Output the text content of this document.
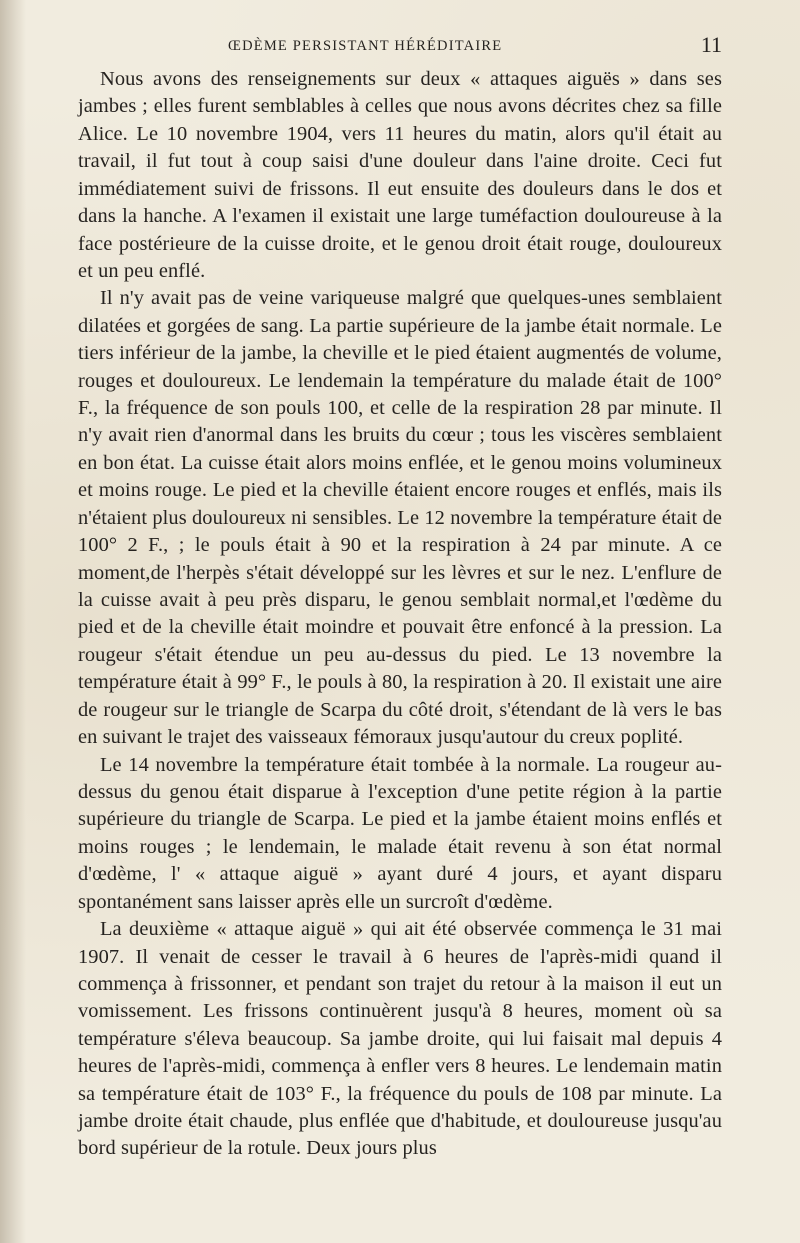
ŒDÈME PERSISTANT HÉRÉDITAIRE	11

Nous avons des renseignements sur deux « attaques aiguës » dans ses jambes ; elles furent semblables à celles que nous avons décrites chez sa fille Alice. Le 10 novembre 1904, vers 11 heures du matin, alors qu'il était au travail, il fut tout à coup saisi d'une douleur dans l'aine droite. Ceci fut immédiatement suivi de frissons. Il eut ensuite des douleurs dans le dos et dans la hanche. A l'examen il existait une large tuméfaction douloureuse à la face postérieure de la cuisse droite, et le genou droit était rouge, douloureux et un peu enflé.

Il n'y avait pas de veine variqueuse malgré que quelques-unes semblaient dilatées et gorgées de sang. La partie supérieure de la jambe était normale. Le tiers inférieur de la jambe, la cheville et le pied étaient augmentés de volume, rouges et douloureux. Le lendemain la température du malade était de 100° F., la fréquence de son pouls 100, et celle de la respiration 28 par minute. Il n'y avait rien d'anormal dans les bruits du cœur ; tous les viscères semblaient en bon état. La cuisse était alors moins enflée, et le genou moins volumineux et moins rouge. Le pied et la cheville étaient encore rouges et enflés, mais ils n'étaient plus douloureux ni sensibles. Le 12 novembre la température était de 100° 2 F., ; le pouls était à 90 et la respiration à 24 par minute. A ce moment,de l'herpès s'était développé sur les lèvres et sur le nez. L'enflure de la cuisse avait à peu près disparu, le genou semblait normal,et l'œdème du pied et de la cheville était moindre et pouvait être enfoncé à la pression. La rougeur s'était étendue un peu au-dessus du pied. Le 13 novembre la température était à 99° F., le pouls à 80, la respiration à 20. Il existait une aire de rougeur sur le triangle de Scarpa du côté droit, s'étendant de là vers le bas en suivant le trajet des vaisseaux fémoraux jusqu'autour du creux poplité.

Le 14 novembre la température était tombée à la normale. La rougeur au-dessus du genou était disparue à l'exception d'une petite région à la partie supérieure du triangle de Scarpa. Le pied et la jambe étaient moins enflés et moins rouges ; le lendemain, le malade était revenu à son état normal d'œdème, l' « attaque aiguë » ayant duré 4 jours, et ayant disparu spontanément sans laisser après elle un surcroît d'œdème.

La deuxième « attaque aiguë » qui ait été observée commença le 31 mai 1907. Il venait de cesser le travail à 6 heures de l'après-midi quand il commença à frissonner, et pendant son trajet du retour à la maison il eut un vomissement. Les frissons continuèrent jusqu'à 8 heures, moment où sa température s'éleva beaucoup. Sa jambe droite, qui lui faisait mal depuis 4 heures de l'après-midi, commença à enfler vers 8 heures. Le lendemain matin sa température était de 103° F., la fréquence du pouls de 108 par minute. La jambe droite était chaude, plus enflée que d'habitude, et douloureuse jusqu'au bord supérieur de la rotule. Deux jours plus
